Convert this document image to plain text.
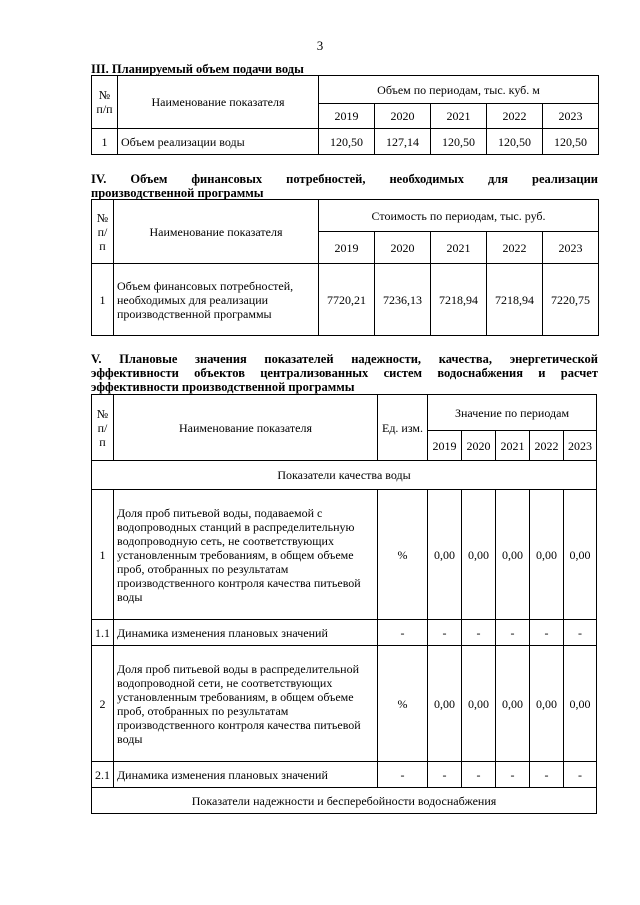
3
III. Планируемый объем подачи воды
№ п/п	Наименование показателя	Объем по периодам, тыс. куб. м				
		2019	2020	2021	2022	2023
1	Объем реализации воды	120,50	127,14	120,50	120,50	120,50
IV. Объем финансовых потребностей, необходимых для реализации
производственной программы
№ п/п	Наименование показателя	Стоимость по периодам, тыс. руб.				
		2019	2020	2021	2022	2023
1	Объем финансовых потребностей, необходимых для реализации производственной программы	7720,21	7236,13	7218,94	7218,94	7220,75
V. Плановые значения показателей надежности, качества, энергетической
эффективности объектов централизованных систем водоснабжения и расчет
эффективности производственной программы
№ п/п	Наименование показателя	Ед. изм.	Значение по периодам				
			2019	2020	2021	2022	2023
Показатели качества воды							
1	Доля проб питьевой воды, подаваемой с водопроводных станций в распределительную водопроводную сеть, не соответствующих установленным требованиям, в общем объеме проб, отобранных по результатам производственного контроля качества питьевой воды	%	0,00	0,00	0,00	0,00	0,00
1.1	Динамика изменения плановых значений	-	-	-	-	-	-
2	Доля проб питьевой воды в распределительной водопроводной сети, не соответствующих установленным требованиям, в общем объеме проб, отобранных по результатам производственного контроля качества питьевой воды	%	0,00	0,00	0,00	0,00	0,00
2.1	Динамика изменения плановых значений	-	-	-	-	-	-
Показатели надежности и бесперебойности водоснабжения							
